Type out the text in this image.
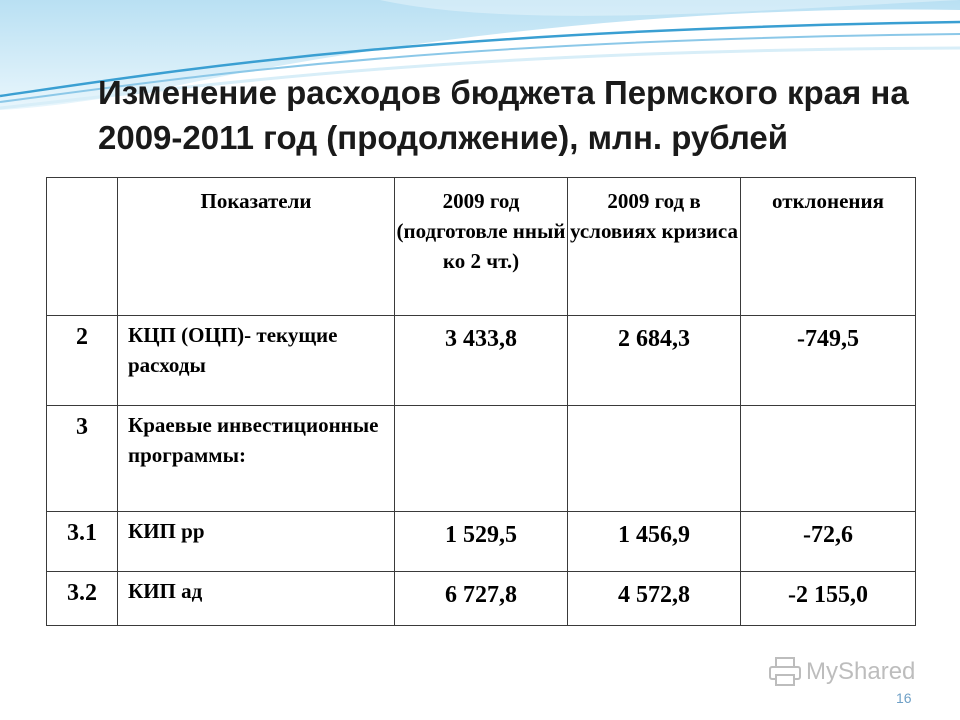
Изменение расходов бюджета Пермского края на
2009-2011 год (продолжение), млн. рублей
	Показатели	2009 год (подготовле нный ко 2 чт.)	2009 год в условиях кризиса	отклонения
2	КЦП (ОЦП)- текущие расходы	3 433,8	2 684,3	-749,5
3	Краевые инвестиционные программы:			
3.1	КИП рр	1 529,5	1 456,9	-72,6
3.2	КИП ад	6 727,8	4 572,8	-2 155,0
MyShared
16
